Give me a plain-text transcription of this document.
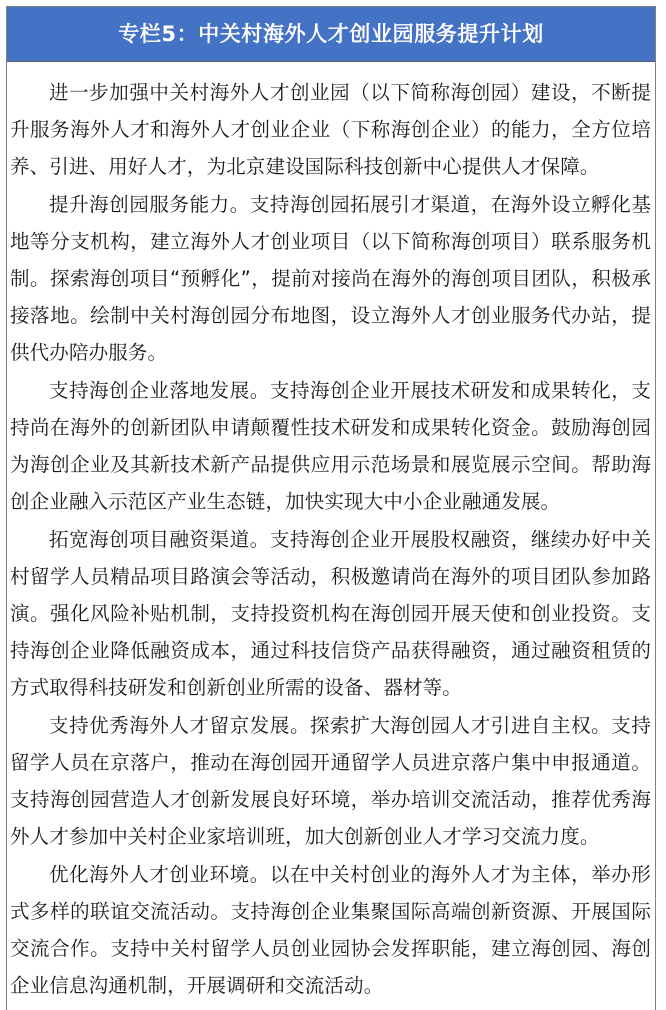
专栏5：中关村海外人才创业园服务提升计划

进一步加强中关村海外人才创业园（以下简称海创园）建设，不断提升服务海外人才和海外人才创业企业（下称海创企业）的能力，全方位培养、引进、用好人才，为北京建设国际科技创新中心提供人才保障。

提升海创园服务能力。支持海创园拓展引才渠道，在海外设立孵化基地等分支机构，建立海外人才创业项目（以下简称海创项目）联系服务机制。探索海创项目“预孵化”，提前对接尚在海外的海创项目团队，积极承接落地。绘制中关村海创园分布地图，设立海外人才创业服务代办站，提供代办陪办服务。

支持海创企业落地发展。支持海创企业开展技术研发和成果转化，支持尚在海外的创新团队申请颠覆性技术研发和成果转化资金。鼓励海创园为海创企业及其新技术新产品提供应用示范场景和展览展示空间。帮助海创企业融入示范区产业生态链，加快实现大中小企业融通发展。

拓宽海创项目融资渠道。支持海创企业开展股权融资，继续办好中关村留学人员精品项目路演会等活动，积极邀请尚在海外的项目团队参加路演。强化风险补贴机制，支持投资机构在海创园开展天使和创业投资。支持海创企业降低融资成本，通过科技信贷产品获得融资，通过融资租赁的方式取得科技研发和创新创业所需的设备、器材等。

支持优秀海外人才留京发展。探索扩大海创园人才引进自主权。支持留学人员在京落户，推动在海创园开通留学人员进京落户集中申报通道。支持海创园营造人才创新发展良好环境，举办培训交流活动，推荐优秀海外人才参加中关村企业家培训班，加大创新创业人才学习交流力度。

优化海外人才创业环境。以在中关村创业的海外人才为主体，举办形式多样的联谊交流活动。支持海创企业集聚国际高端创新资源、开展国际交流合作。支持中关村留学人员创业园协会发挥职能，建立海创园、海创企业信息沟通机制，开展调研和交流活动。
